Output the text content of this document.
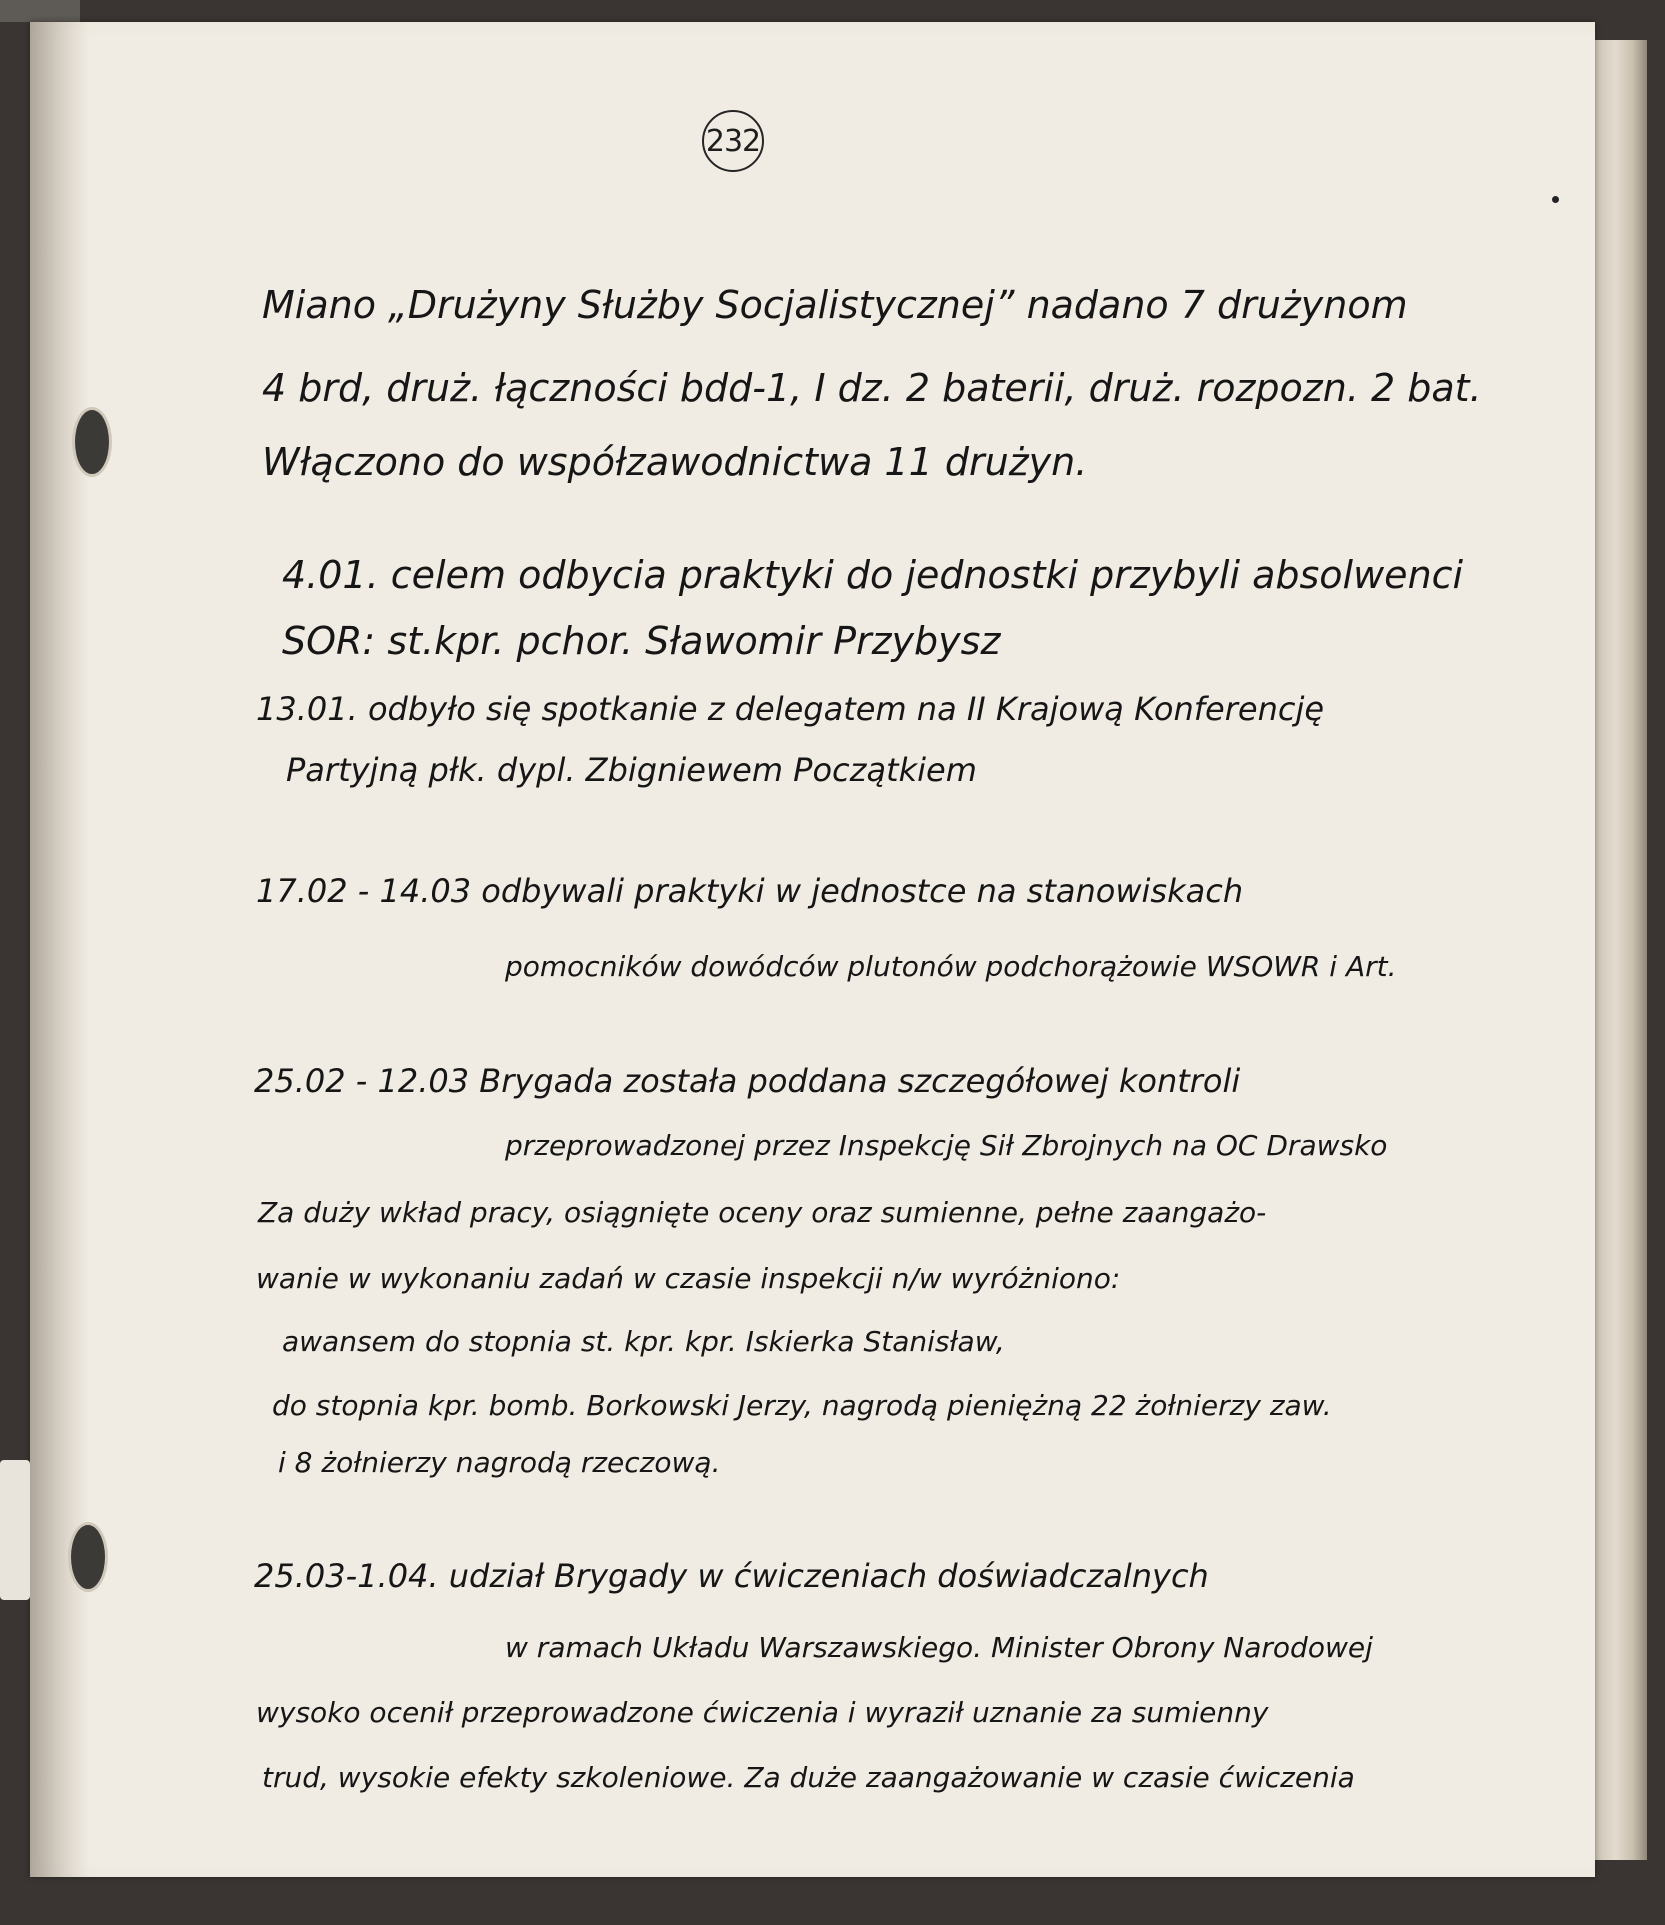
232
Miano „Drużyny Służby Socjalistycznej” nadano 7 drużynom
4 brd, druż. łączności bdd-1, I dz. 2 baterii, druż. rozpozn. 2 bat.
Włączono do współzawodnictwa 11 drużyn.
4.01. celem odbycia praktyki do jednostki przybyli absolwenci
SOR: st.kpr. pchor. Sławomir Przybysz
13.01. odbyło się spotkanie z delegatem na II Krajową Konferencję
Partyjną płk. dypl. Zbigniewem Początkiem
17.02 - 14.03 odbywali praktyki w jednostce na stanowiskach
pomocników dowódców plutonów podchorążowie WSOWR i Art.
25.02 - 12.03 Brygada została poddana szczegółowej kontroli
przeprowadzonej przez Inspekcję Sił Zbrojnych na OC Drawsko
Za duży wkład pracy, osiągnięte oceny oraz sumienne, pełne zaangażo-
wanie w wykonaniu zadań w czasie inspekcji n/w wyróżniono:
awansem do stopnia st. kpr. kpr. Iskierka Stanisław,
do stopnia kpr. bomb. Borkowski Jerzy, nagrodą pieniężną 22 żołnierzy zaw.
i 8 żołnierzy nagrodą rzeczową.
25.03-1.04. udział Brygady w ćwiczeniach doświadczalnych
w ramach Układu Warszawskiego. Minister Obrony Narodowej
wysoko ocenił przeprowadzone ćwiczenia i wyraził uznanie za sumienny
trud, wysokie efekty szkoleniowe. Za duże zaangażowanie w czasie ćwiczenia
